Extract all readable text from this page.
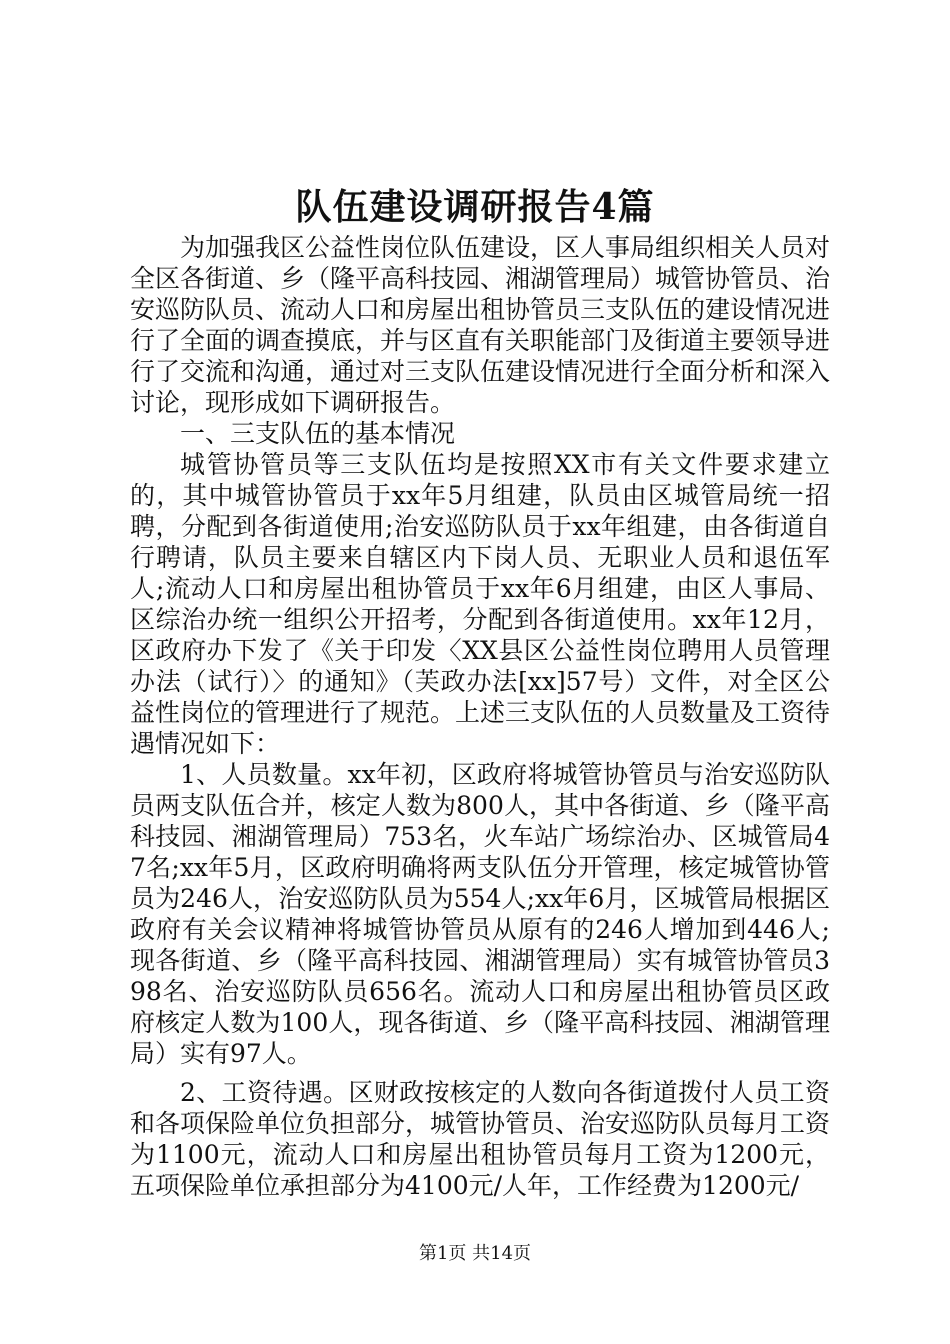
队伍建设调研报告4篇

为加强我区公益性岗位队伍建设，区人事局组织相关人员对全区各街道、乡（隆平高科技园、湘湖管理局）城管协管员、治安巡防队员、流动人口和房屋出租协管员三支队伍的建设情况进行了全面的调查摸底，并与区直有关职能部门及街道主要领导进行了交流和沟通，通过对三支队伍建设情况进行全面分析和深入讨论，现形成如下调研报告。

一、三支队伍的基本情况

城管协管员等三支队伍均是按照XX市有关文件要求建立的，其中城管协管员于xx年5月组建，队员由区城管局统一招聘，分配到各街道使用;治安巡防队员于xx年组建，由各街道自行聘请，队员主要来自辖区内下岗人员、无职业人员和退伍军人;流动人口和房屋出租协管员于xx年6月组建，由区人事局、区综治办统一组织公开招考，分配到各街道使用。xx年12月，区政府办下发了《关于印发〈XX县区公益性岗位聘用人员管理办法（试行）〉的通知》（芙政办法[xx]57号）文件，对全区公益性岗位的管理进行了规范。上述三支队伍的人员数量及工资待遇情况如下：

1、人员数量。xx年初，区政府将城管协管员与治安巡防队员两支队伍合并，核定人数为800人，其中各街道、乡（隆平高科技园、湘湖管理局）753名，火车站广场综治办、区城管局47名;xx年5月，区政府明确将两支队伍分开管理，核定城管协管员为246人，治安巡防队员为554人;xx年6月，区城管局根据区政府有关会议精神将城管协管员从原有的246人增加到446人;现各街道、乡（隆平高科技园、湘湖管理局）实有城管协管员398名、治安巡防队员656名。流动人口和房屋出租协管员区政府核定人数为100人，现各街道、乡（隆平高科技园、湘湖管理局）实有97人。

2、工资待遇。区财政按核定的人数向各街道拨付人员工资和各项保险单位负担部分，城管协管员、治安巡防队员每月工资为1100元，流动人口和房屋出租协管员每月工资为1200元，五项保险单位承担部分为4100元/人年，工作经费为1200元/

第1页 共14页
